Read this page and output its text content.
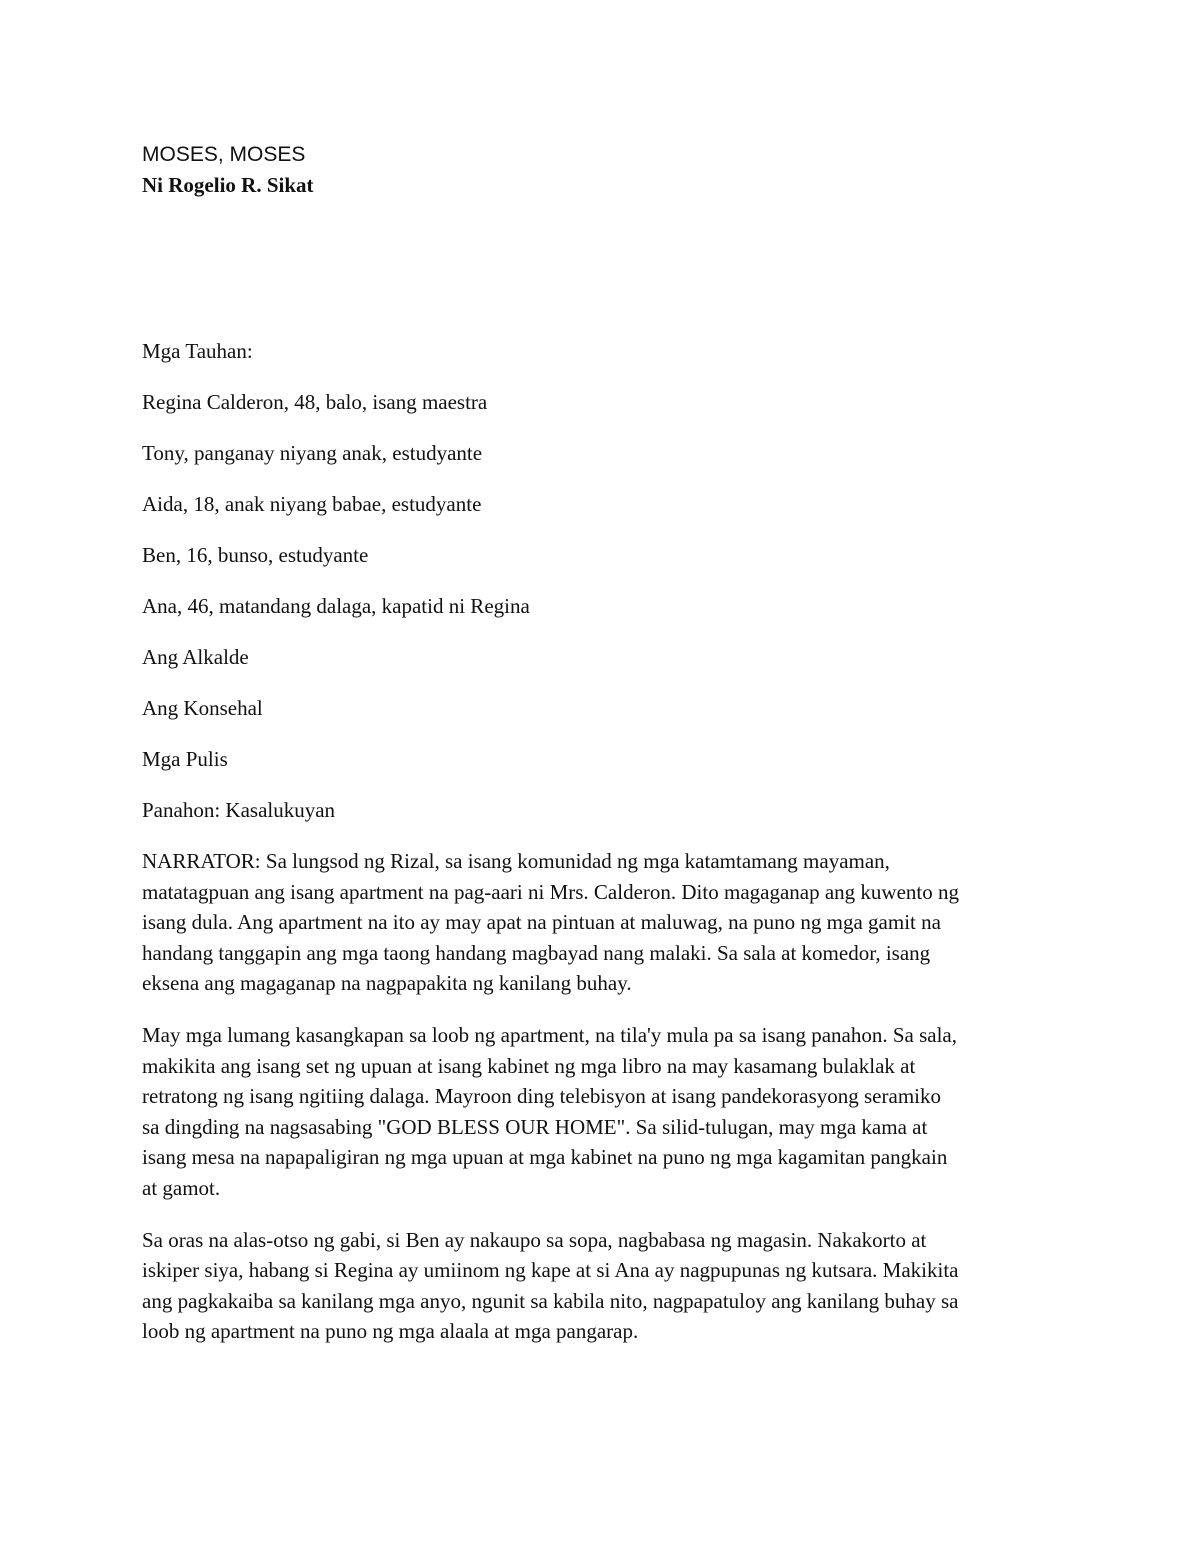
MOSES, MOSES

Ni Rogelio R. Sikat

Mga Tauhan:

Regina Calderon, 48, balo, isang maestra

Tony, panganay niyang anak, estudyante

Aida, 18, anak niyang babae, estudyante

Ben, 16, bunso, estudyante

Ana, 46, matandang dalaga, kapatid ni Regina

Ang Alkalde

Ang Konsehal

Mga Pulis

Panahon: Kasalukuyan

NARRATOR: Sa lungsod ng Rizal, sa isang komunidad ng mga katamtamang mayaman,
matatagpuan ang isang apartment na pag-aari ni Mrs. Calderon. Dito magaganap ang kuwento ng
isang dula. Ang apartment na ito ay may apat na pintuan at maluwag, na puno ng mga gamit na
handang tanggapin ang mga taong handang magbayad nang malaki. Sa sala at komedor, isang
eksena ang magaganap na nagpapakita ng kanilang buhay.
May mga lumang kasangkapan sa loob ng apartment, na tila'y mula pa sa isang panahon. Sa sala,
makikita ang isang set ng upuan at isang kabinet ng mga libro na may kasamang bulaklak at
retratong ng isang ngitiing dalaga. Mayroon ding telebisyon at isang pandekorasyong seramiko
sa dingding na nagsasabing "GOD BLESS OUR HOME". Sa silid-tulugan, may mga kama at
isang mesa na napapaligiran ng mga upuan at mga kabinet na puno ng mga kagamitan pangkain
at gamot.
Sa oras na alas-otso ng gabi, si Ben ay nakaupo sa sopa, nagbabasa ng magasin. Nakakorto at
iskiper siya, habang si Regina ay umiinom ng kape at si Ana ay nagpupunas ng kutsara. Makikita
ang pagkakaiba sa kanilang mga anyo, ngunit sa kabila nito, nagpapatuloy ang kanilang buhay sa
loob ng apartment na puno ng mga alaala at mga pangarap.
